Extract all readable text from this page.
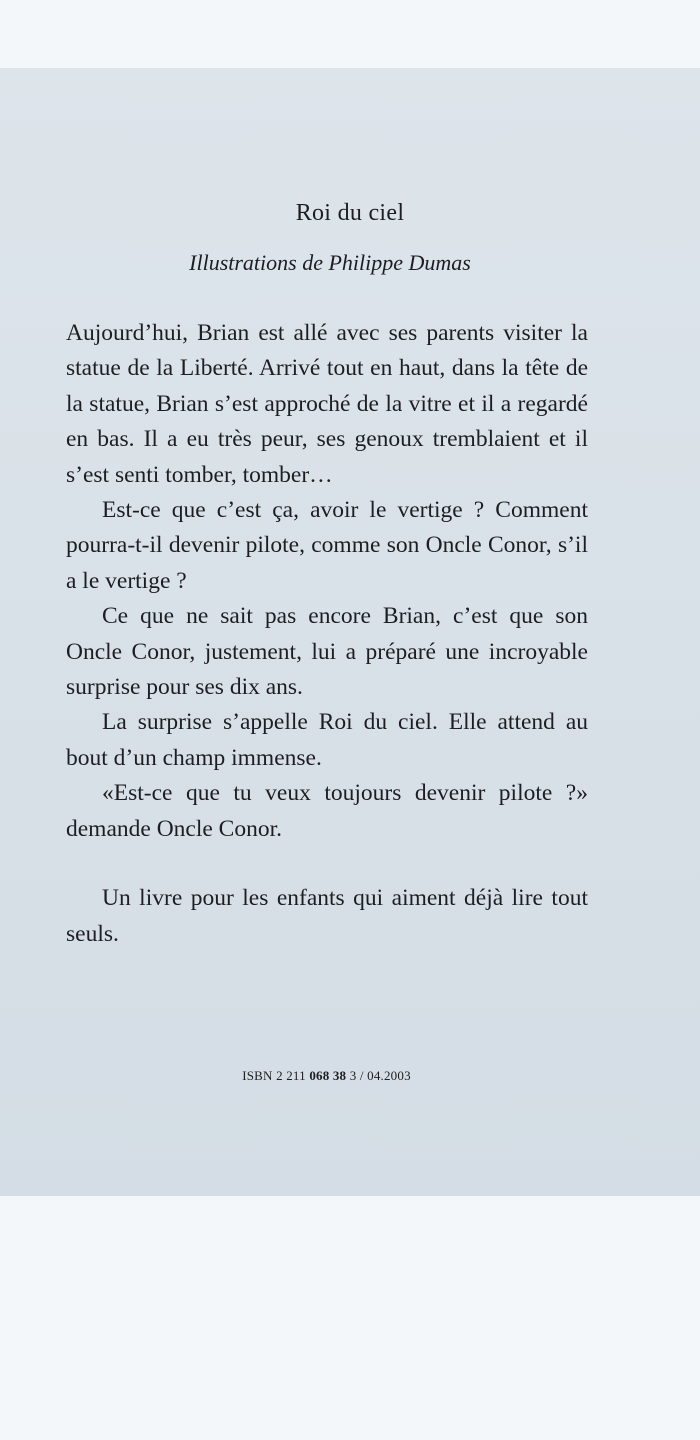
Roi du ciel
Illustrations de Philippe Dumas

Aujourd’hui, Brian est allé avec ses parents visiter la statue de la Liberté. Arrivé tout en haut, dans la tête de la statue, Brian s’est approché de la vitre et il a regardé en bas. Il a eu très peur, ses genoux tremblaient et il s’est senti tomber, tomber…

Est-ce que c’est ça, avoir le vertige ? Comment pourra-t-il devenir pilote, comme son Oncle Conor, s’il a le vertige ?

Ce que ne sait pas encore Brian, c’est que son Oncle Conor, justement, lui a préparé une incroyable surprise pour ses dix ans.

La surprise s’appelle Roi du ciel. Elle attend au bout d’un champ immense.

«Est-ce que tu veux toujours devenir pilote ?» demande Oncle Conor.

Un livre pour les enfants qui aiment déjà lire tout seuls.

ISBN 2 211 068 38 3 / 04.2003
